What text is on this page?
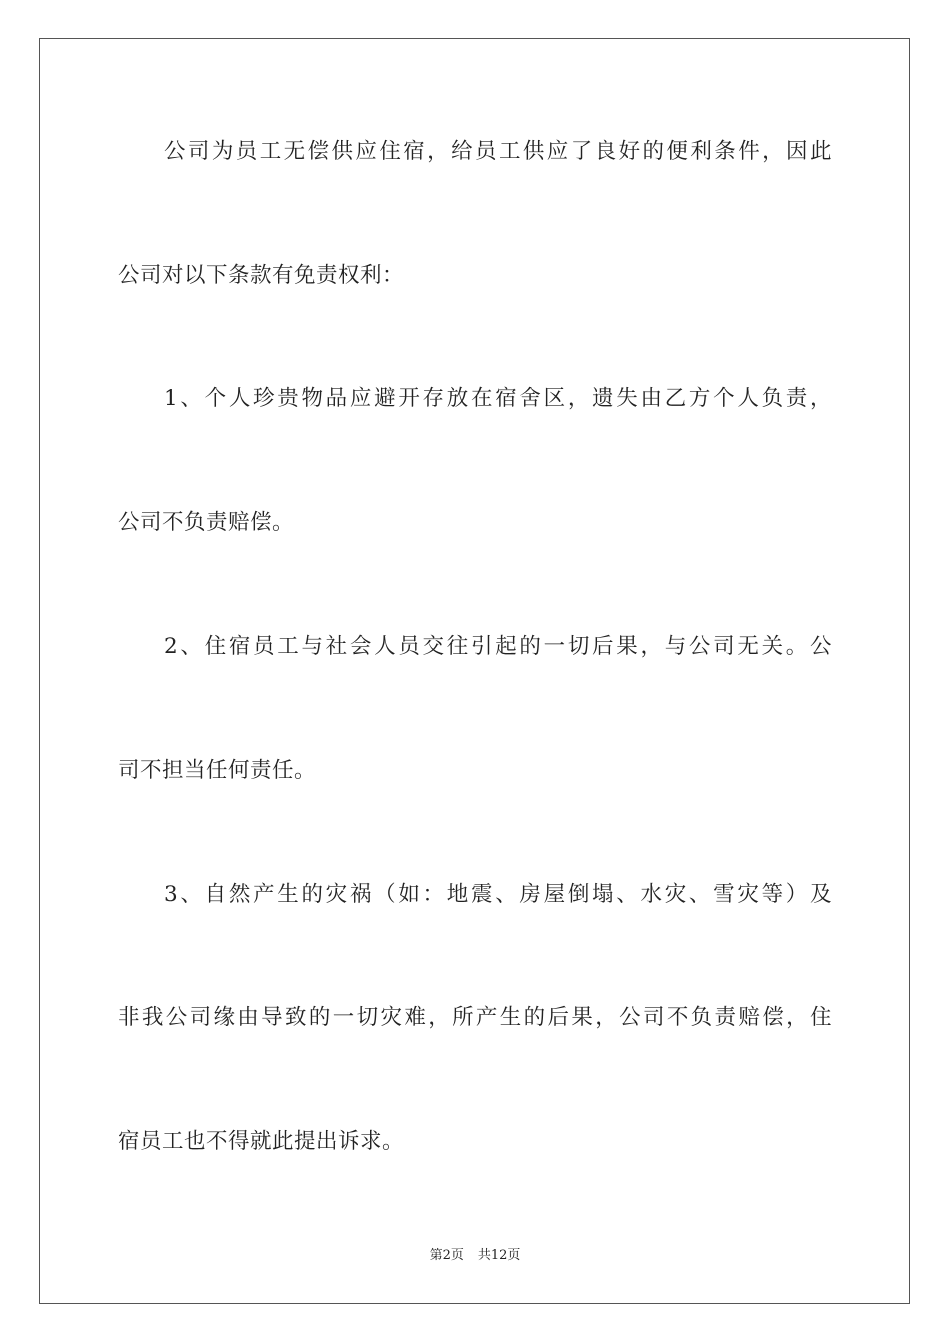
公司为员工无偿供应住宿，给员工供应了良好的便利条件，因此
公司对以下条款有免责权利：
1、个人珍贵物品应避开存放在宿舍区，遗失由乙方个人负责，
公司不负责赔偿。
2、住宿员工与社会人员交往引起的一切后果，与公司无关。公
司不担当任何责任。
3、自然产生的灾祸（如：地震、房屋倒塌、水灾、雪灾等）及
非我公司缘由导致的一切灾难，所产生的后果，公司不负责赔偿，住
宿员工也不得就此提出诉求。
第2页 共12页
